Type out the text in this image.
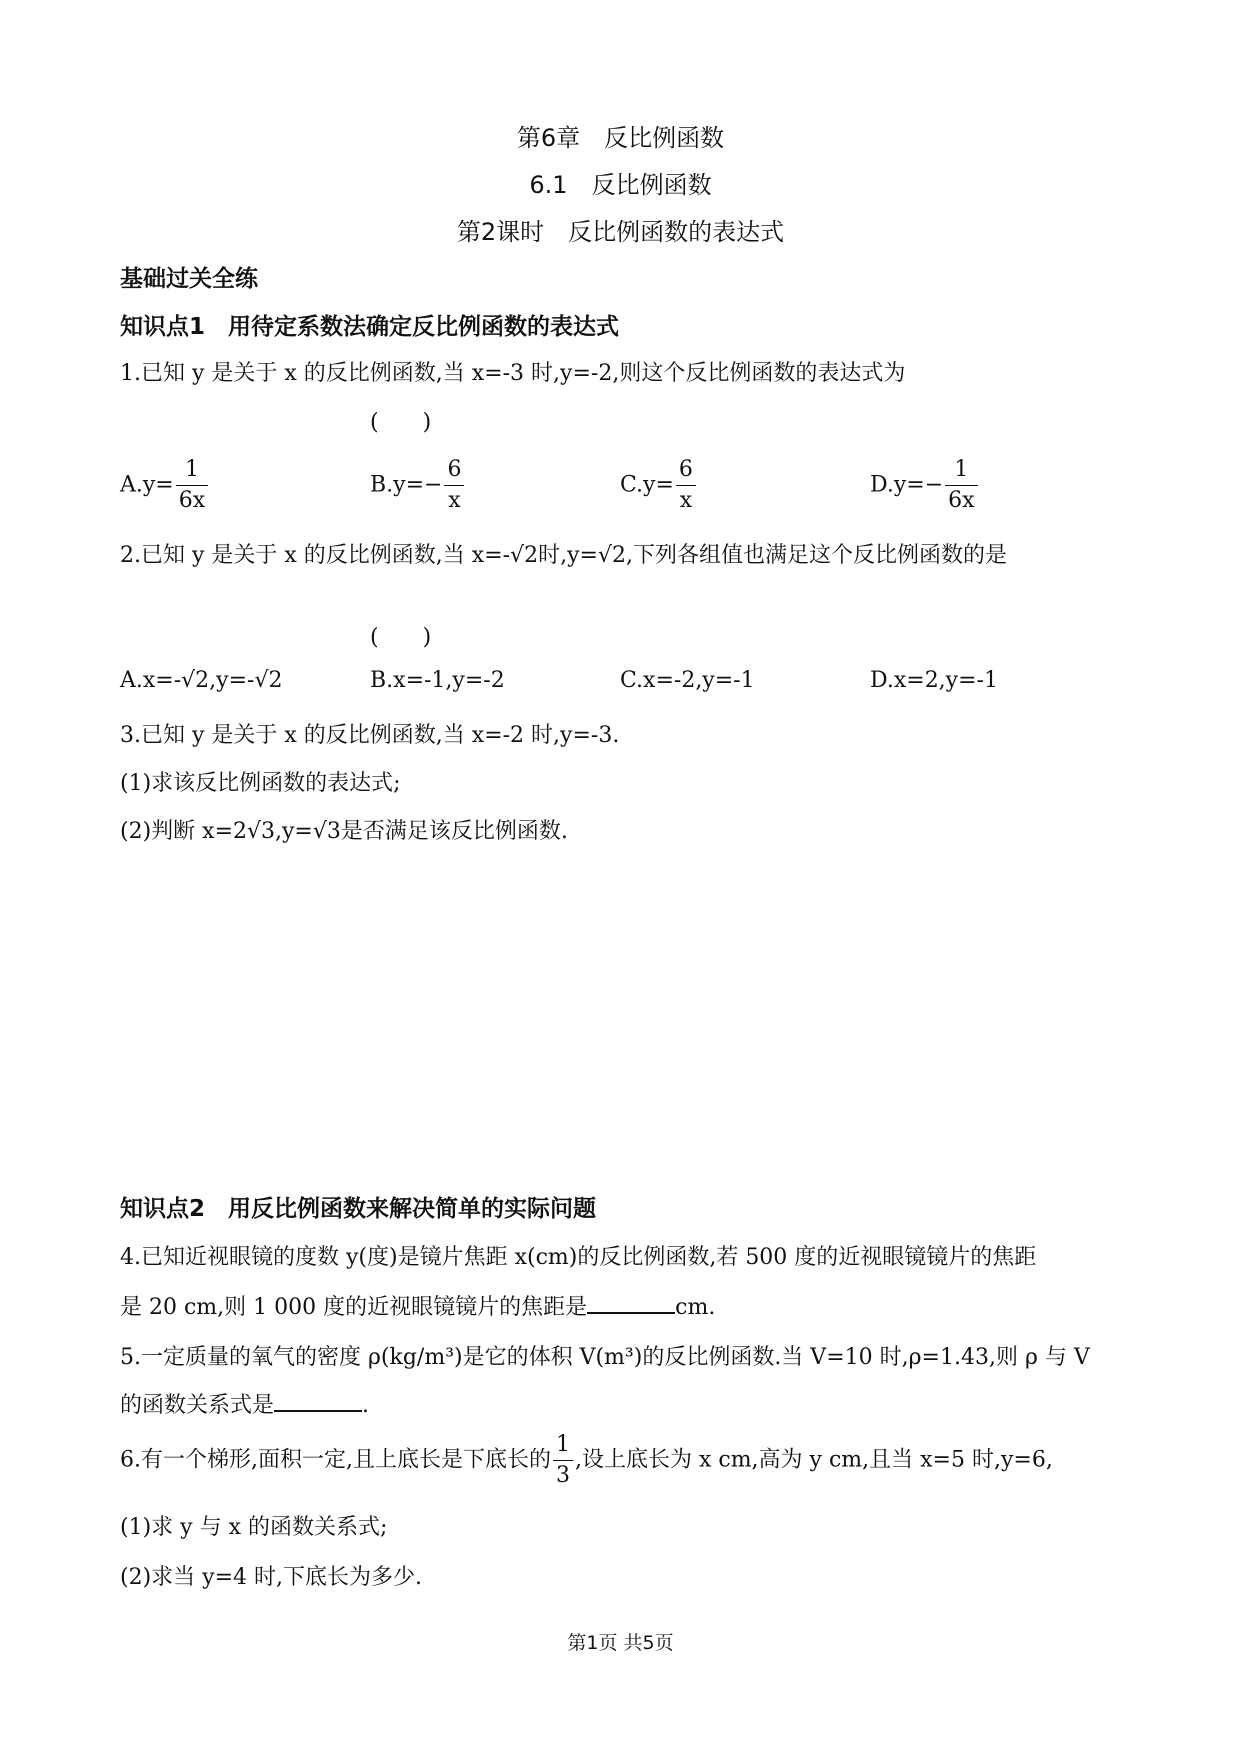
第6章　反比例函数
6.1　反比例函数
第2课时　反比例函数的表达式
基础过关全练
知识点1　用待定系数法确定反比例函数的表达式
1.已知 y 是关于 x 的反比例函数,当 x=-3 时,y=-2,则这个反比例函数的表达式为
(　　)
$A.y= \frac{1}{6x}$	$B.y=- \frac{6}{x}$	$C.y= \frac{6}{x}$	$D.y=- \frac{1}{6x}$
2.已知 y 是关于 x 的反比例函数,当 x=-√2时,y=√2,下列各组值也满足这个反比例函数的是
(　　)
A.x=-√2,y=-√2	B.x=-1,y=-2	C.x=-2,y=-1	D.x=2,y=-1
3.已知 y 是关于 x 的反比例函数,当 x=-2 时,y=-3.
(1)求该反比例函数的表达式;
(2)判断 x=2√3,y=√3是否满足该反比例函数.
知识点2　用反比例函数来解决简单的实际问题
4.已知近视眼镜的度数 y(度)是镜片焦距 x(cm)的反比例函数,若 500 度的近视眼镜镜片的焦距
是 20 cm,则 1 000 度的近视眼镜镜片的焦距是	cm.
5.一定质量的氧气的密度 ρ(kg/m³)是它的体积 V(m³)的反比例函数.当 V=10 时,ρ=1.43,则 ρ 与 V
的函数关系式是	.
6.有一个梯形,面积一定,且上底长是下底长的 $\frac{1}{3}$ ,设上底长为 x cm,高为 y cm,且当 x=5 时,y=6,
(1)求 y 与 x 的函数关系式;
(2)求当 y=4 时,下底长为多少.
第1页 共5页
